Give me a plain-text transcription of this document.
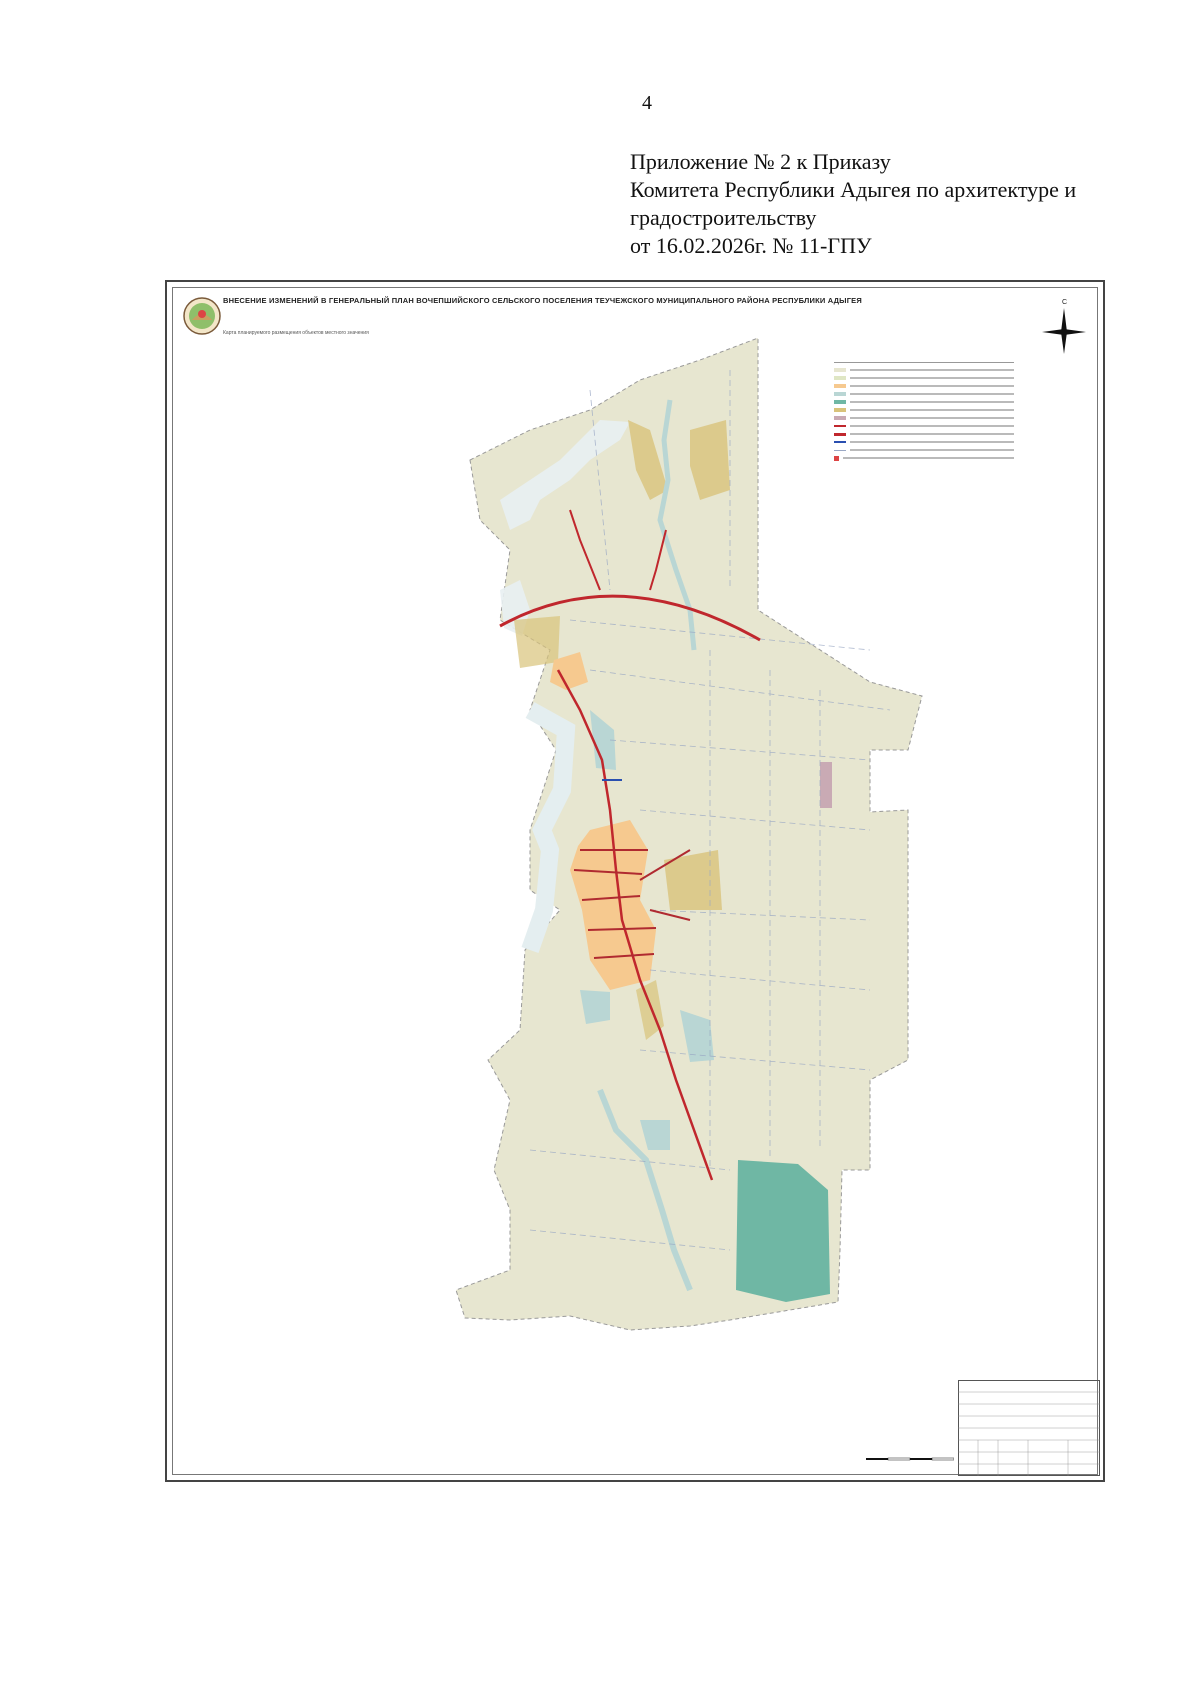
4
Приложение № 2 к Приказу
Комитета Республики Адыгея по архитектуре и
градостроительству
от 16.02.2026г. № 11-ГПУ
ВНЕСЕНИЕ ИЗМЕНЕНИЙ В ГЕНЕРАЛЬНЫЙ ПЛАН ВОЧЕПШИЙСКОГО СЕЛЬСКОГО ПОСЕЛЕНИЯ ТЕУЧЕЖСКОГО МУНИЦИПАЛЬНОГО РАЙОНА РЕСПУБЛИКИ АДЫГЕЯ
Карта планируемого размещения объектов местного значения
С
